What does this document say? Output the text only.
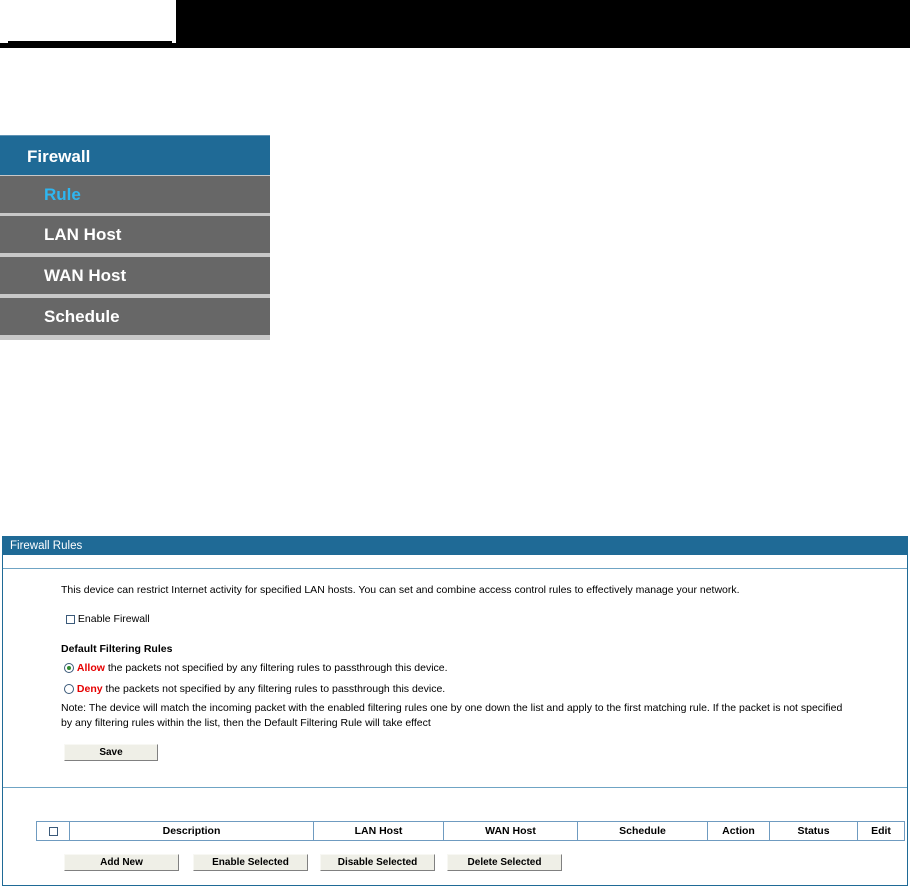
Firewall
Rule
LAN Host
WAN Host
Schedule
Firewall Rules
This device can restrict Internet activity for specified LAN hosts. You can set and combine access control rules to effectively manage your network.
Enable Firewall
Default Filtering Rules
Allow the packets not specified by any filtering rules to passthrough this device.
Deny the packets not specified by any filtering rules to passthrough this device.
Note: The device will match the incoming packet with the enabled filtering rules one by one down the list and apply to the first matching rule. If the packet is not specified
by any filtering rules within the list, then the Default Filtering Rule will take effect
Save
	Description	LAN Host	WAN Host	Schedule	Action	Status	Edit
Add New	Enable Selected	Disable Selected	Delete Selected
